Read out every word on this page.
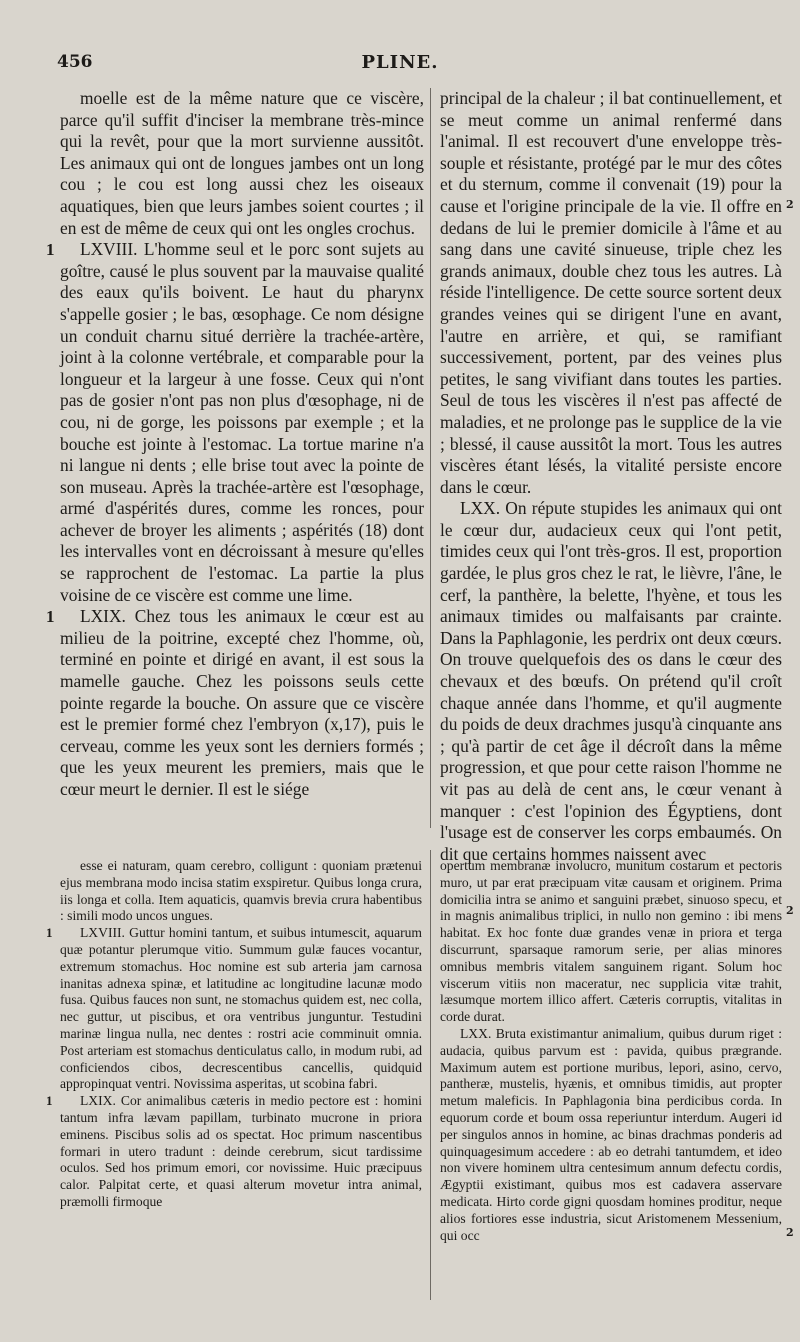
456	PLINE.

moelle est de la même nature que ce viscère, parce qu'il suffit d'inciser la membrane très-mince qui la revêt, pour que la mort survienne aussitôt. Les animaux qui ont de longues jambes ont un long cou ; le cou est long aussi chez les oiseaux aquatiques, bien que leurs jambes soient courtes ; il en est de même de ceux qui ont les ongles crochus.

1 LXVIII. L'homme seul et le porc sont sujets au goître, causé le plus souvent par la mauvaise qualité des eaux qu'ils boivent. Le haut du pharynx s'appelle gosier ; le bas, œsophage. Ce nom désigne un conduit charnu situé derrière la trachée-artère, joint à la colonne vertébrale, et comparable pour la longueur et la largeur à une fosse. Ceux qui n'ont pas de gosier n'ont pas non plus d'œsophage, ni de cou, ni de gorge, les poissons par exemple ; et la bouche est jointe à l'estomac. La tortue marine n'a ni langue ni dents ; elle brise tout avec la pointe de son museau. Après la trachée-artère est l'œsophage, armé d'aspérités dures, comme les ronces, pour achever de broyer les aliments ; aspérités (18) dont les intervalles vont en décroissant à mesure qu'elles se rapprochent de l'estomac. La partie la plus voisine de ce viscère est comme une lime.

1 LXIX. Chez tous les animaux le cœur est au milieu de la poitrine, excepté chez l'homme, où, terminé en pointe et dirigé en avant, il est sous la mamelle gauche. Chez les poissons seuls cette pointe regarde la bouche. On assure que ce viscère est le premier formé chez l'embryon (x,17), puis le cerveau, comme les yeux sont les derniers formés ; que les yeux meurent les premiers, mais que le cœur meurt le dernier. Il est le siége

principal de la chaleur ; il bat continuellement, et se meut comme un animal renfermé dans l'animal. Il est recouvert d'une enveloppe très-souple et résistante, protégé par le mur des côtes et du sternum, comme il convenait (19) pour la cause et l'origine principale de la vie. Il offre en dedans de lui le premier domicile à l'âme et au sang dans une cavité sinueuse, triple chez les grands animaux, double chez tous les autres. Là réside l'intelligence. De cette source sortent deux grandes veines qui se dirigent l'une en avant, l'autre en arrière, et qui, se ramifiant successivement, portent, par des veines plus petites, le sang vivifiant dans toutes les parties. Seul de tous les viscères il n'est pas affecté de maladies, et ne prolonge pas le supplice de la vie ; blessé, il cause aussitôt la mort. Tous les autres viscères étant lésés, la vitalité persiste encore dans le cœur.

LXX. On répute stupides les animaux qui ont le cœur dur, audacieux ceux qui l'ont petit, timides ceux qui l'ont très-gros. Il est, proportion gardée, le plus gros chez le rat, le lièvre, l'âne, le cerf, la panthère, la belette, l'hyène, et tous les animaux timides ou malfaisants par crainte. Dans la Paphlagonie, les perdrix ont deux cœurs. On trouve quelquefois des os dans le cœur des chevaux et des bœufs. On prétend qu'il croît chaque année dans l'homme, et qu'il augmente du poids de deux drachmes jusqu'à cinquante ans ; qu'à partir de cet âge il décroît dans la même progression, et que pour cette raison l'homme ne vit pas au delà de cent ans, le cœur venant à manquer : c'est l'opinion des Égyptiens, dont l'usage est de conserver les corps embaumés. On dit que certains hommes naissent avec

2

esse ei naturam, quam cerebro, colligunt : quoniam prætenui ejus membrana modo incisa statim exspiretur. Quibus longa crura, iis longa et colla. Item aquaticis, quamvis brevia crura habentibus : simili modo uncos ungues.

1 LXVIII. Guttur homini tantum, et suibus intumescit, aquarum quæ potantur plerumque vitio. Summum gulæ fauces vocantur, extremum stomachus. Hoc nomine est sub arteria jam carnosa inanitas adnexa spinæ, et latitudine ac longitudine lacunæ modo fusa. Quibus fauces non sunt, ne stomachus quidem est, nec colla, nec guttur, ut piscibus, et ora ventribus junguntur. Testudini marinæ lingua nulla, nec dentes : rostri acie comminuit omnia. Post arteriam est stomachus denticulatus callo, in modum rubi, ad conficiendos cibos, decrescentibus cancellis, quidquid appropinquat ventri. Novissima asperitas, ut scobina fabri.

1 LXIX. Cor animalibus cæteris in medio pectore est : homini tantum infra lævam papillam, turbinato mucrone in priora eminens. Piscibus solis ad os spectat. Hoc primum nascentibus formari in utero tradunt : deinde cerebrum, sicut tardissime oculos. Sed hos primum emori, cor novissime. Huic præcipuus calor. Palpitat certe, et quasi alterum movetur intra animal, præmolli firmoque

opertum membranæ involucro, munitum costarum et pectoris muro, ut par erat præcipuam vitæ causam et originem. Prima domicilia intra se animo et sanguini præbet, sinuoso specu, et in magnis animalibus triplici, in nullo non gemino : ibi mens habitat. Ex hoc fonte duæ grandes venæ in priora et terga discurrunt, sparsaque ramorum serie, per alias minores omnibus membris vitalem sanguinem rigant. Solum hoc viscerum vitiis non maceratur, nec supplicia vitæ trahit, læsumque mortem illico affert. Cæteris corruptis, vitalitas in corde durat.

LXX. Bruta existimantur animalium, quibus durum riget : audacia, quibus parvum est : pavida, quibus prægrande. Maximum autem est portione muribus, lepori, asino, cervo, pantheræ, mustelis, hyænis, et omnibus timidis, aut propter metum maleficis. In Paphlagonia bina perdicibus corda. In equorum corde et boum ossa reperiuntur interdum. Augeri id per singulos annos in homine, ac binas drachmas ponderis ad quinquagesimum accedere : ab eo detrahi tantumdem, et ideo non vivere hominem ultra centesimum annum defectu cordis, Ægyptii existimant, quibus mos est cadavera asservare medicata. Hirto corde gigni quosdam homines proditur, neque alios fortiores esse industria, sicut Aristomenem Messenium, qui occ

2
2
